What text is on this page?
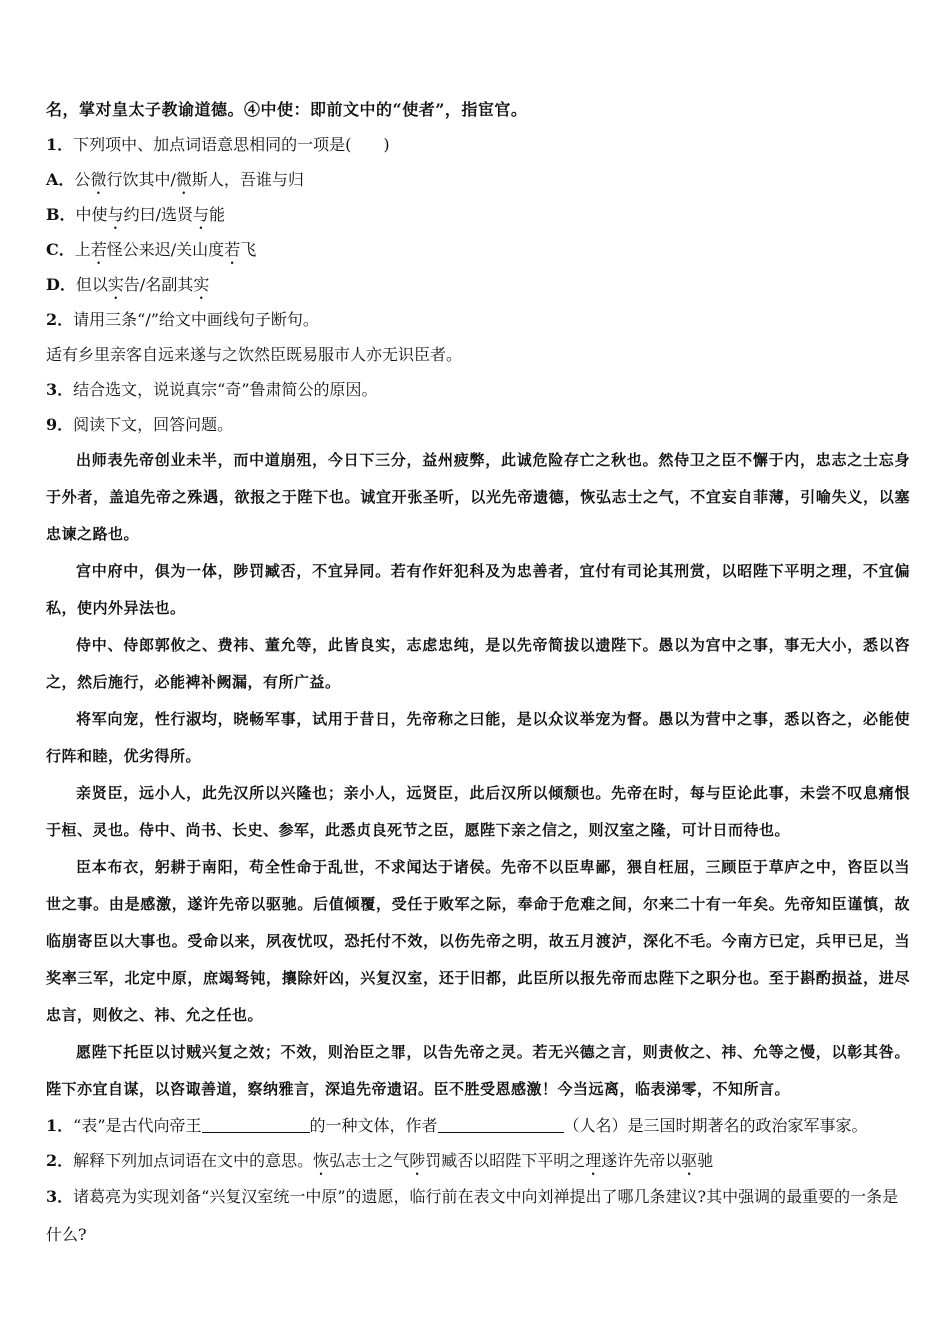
名，掌对皇太子教谕道德。④中使：即前文中的“使者”，指宦官。
1．下列项中、加点词语意思相同的一项是(　　)
A．公微行饮其中/微斯人，吾谁与归
B．中使与约曰/选贤与能
C．上若怪公来迟/关山度若飞
D．但以实告/名副其实
2．请用三条“/”给文中画线句子断句。
适有乡里亲客自远来遂与之饮然臣既易服市人亦无识臣者。
3．结合选文，说说真宗“奇”鲁肃简公的原因。
9．阅读下文，回答问题。
出师表先帝创业未半，而中道崩殂，今日下三分，益州疲弊，此诚危险存亡之秋也。然侍卫之臣不懈于内，忠志之士忘身于外者，盖追先帝之殊遇，欲报之于陛下也。诚宜开张圣听，以光先帝遗德，恢弘志士之气，不宜妄自菲薄，引喻失义，以塞忠谏之路也。
宫中府中，俱为一体，陟罚臧否，不宜异同。若有作奸犯科及为忠善者，宜付有司论其刑赏，以昭陛下平明之理，不宜偏私，使内外异法也。
侍中、侍郎郭攸之、费祎、董允等，此皆良实，志虑忠纯，是以先帝简拔以遗陛下。愚以为宫中之事，事无大小，悉以咨之，然后施行，必能裨补阙漏，有所广益。
将军向宠，性行淑均，晓畅军事，试用于昔日，先帝称之曰能，是以众议举宠为督。愚以为营中之事，悉以咨之，必能使行阵和睦，优劣得所。
亲贤臣，远小人，此先汉所以兴隆也；亲小人，远贤臣，此后汉所以倾颓也。先帝在时，每与臣论此事，未尝不叹息痛恨于桓、灵也。侍中、尚书、长史、参军，此悉贞良死节之臣，愿陛下亲之信之，则汉室之隆，可计日而待也。
臣本布衣，躬耕于南阳，苟全性命于乱世，不求闻达于诸侯。先帝不以臣卑鄙，猥自枉屈，三顾臣于草庐之中，咨臣以当世之事。由是感激，遂许先帝以驱驰。后值倾覆，受任于败军之际，奉命于危难之间，尔来二十有一年矣。先帝知臣谨慎，故临崩寄臣以大事也。受命以来，夙夜忧叹，恐托付不效，以伤先帝之明，故五月渡泸，深化不毛。今南方已定，兵甲已足，当奖率三军，北定中原，庶竭驽钝，攘除奸凶，兴复汉室，还于旧都，此臣所以报先帝而忠陛下之职分也。至于斟酌损益，进尽忠言，则攸之、祎、允之任也。
愿陛下托臣以讨贼兴复之效；不效，则治臣之罪，以告先帝之灵。若无兴德之言，则责攸之、祎、允等之慢，以彰其咎。陛下亦宜自谋，以咨诹善道，察纳雅言，深追先帝遗诏。臣不胜受恩感激！今当远离，临表涕零，不知所言。
1．“表”是古代向帝王	的一种文体，作者	（人名）是三国时期著名的政治家军事家。
2．解释下列加点词语在文中的意思。恢弘志士之气陟罚臧否以昭陛下平明之理遂许先帝以驱驰
3．诸葛亮为实现刘备“兴复汉室统一中原”的遗愿，临行前在表文中向刘禅提出了哪几条建议?其中强调的最重要的一条是什么?
